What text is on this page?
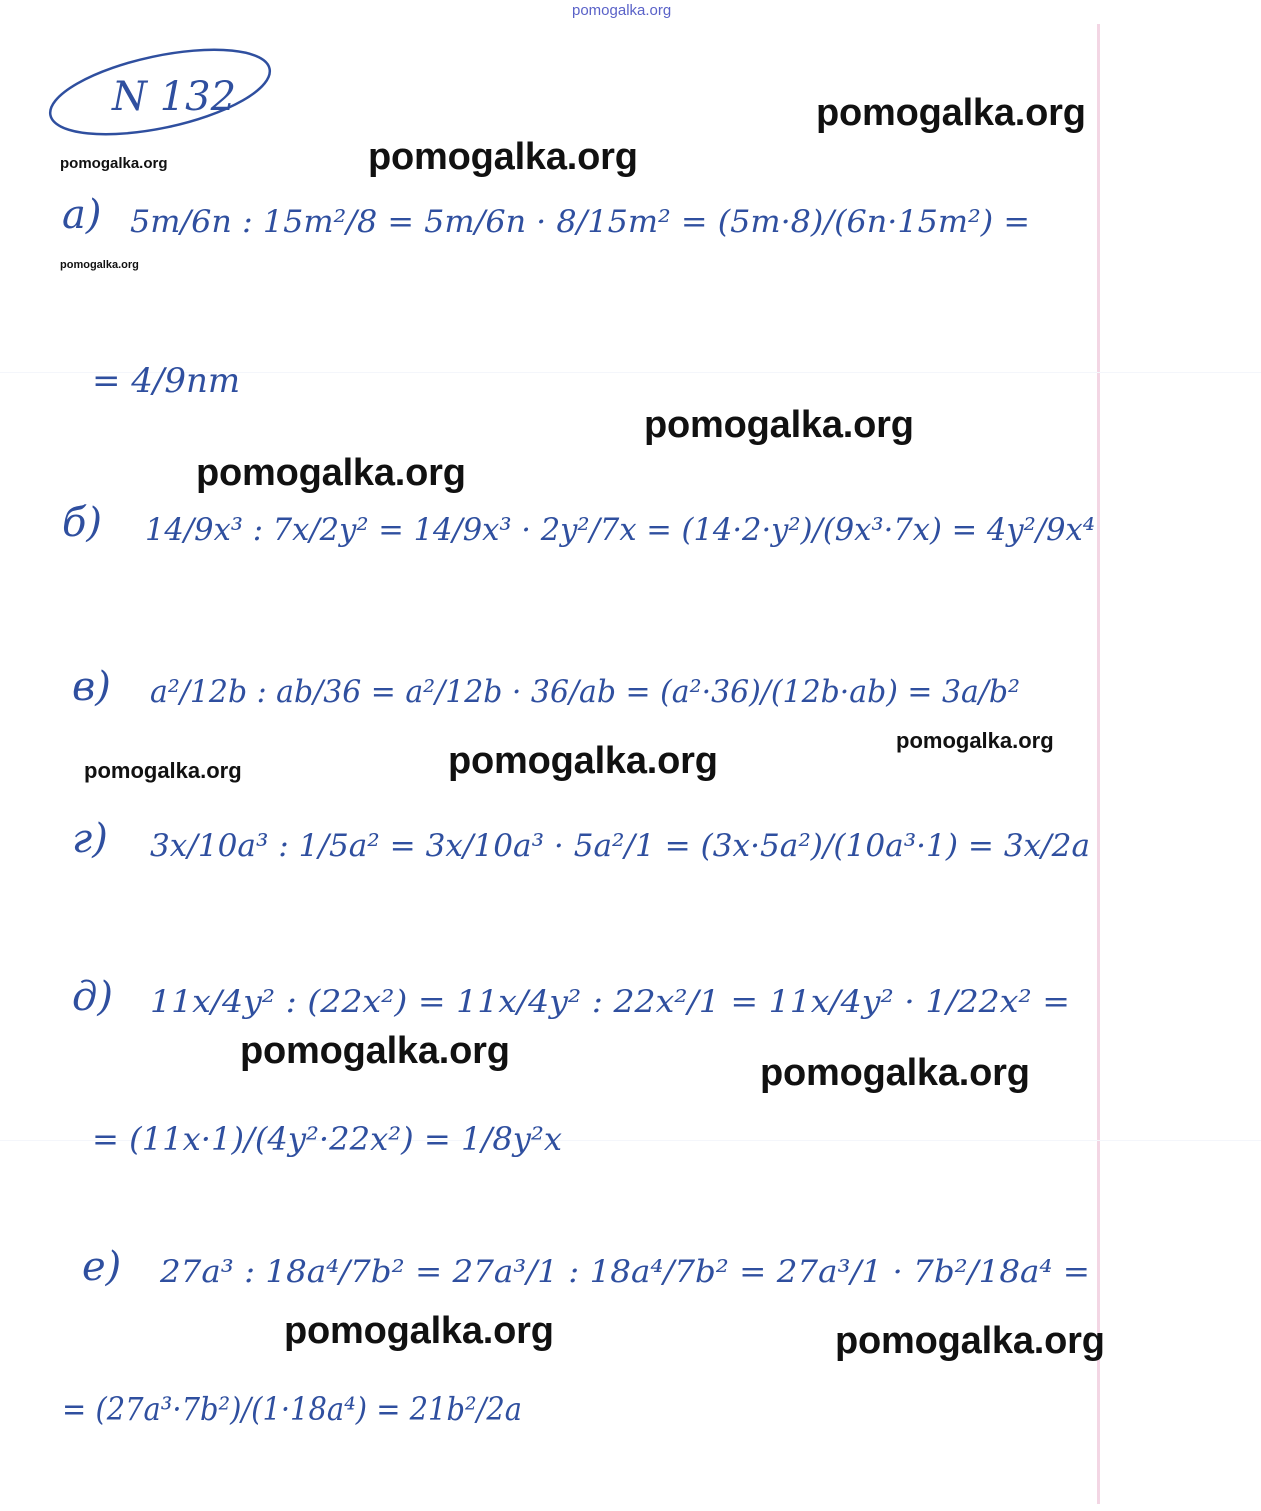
N 132
а) 5m/6n : 15m²/8 = 5m/6n · 8/15m² = (5m·8)/(6n·15m²) =
= 4/9nm
б) 14/9x³ : 7x/2y² = 14/9x³ · 2y²/7x = (14·2·y²)/(9x³·7x) = 4y²/9x⁴
в) a²/12b : ab/36 = a²/12b · 36/ab = (a²·36)/(12b·ab) = 3a/b²
г) 3x/10a³ : 1/5a² = 3x/10a³ · 5a²/1 = (3x·5a²)/(10a³·1) = 3x/2a
д) 11x/4y² : (22x²) = 11x/4y² : 22x²/1 = 11x/4y² · 1/22x² =
= (11x·1)/(4y²·22x²) = 1/8y²x
е) 27a³ : 18a⁴/7b² = 27a³/1 : 18a⁴/7b² = 27a³/1 · 7b²/18a⁴ =
= (27a³·7b²)/(1·18a⁴) = 21b²/2a
pomogalka.org
pomogalka.org
pomogalka.org
pomogalka.org
pomogalka.org
pomogalka.org
pomogalka.org
pomogalka.org
pomogalka.org
pomogalka.org
pomogalka.org
pomogalka.org
pomogalka.org	pomogalka.org
